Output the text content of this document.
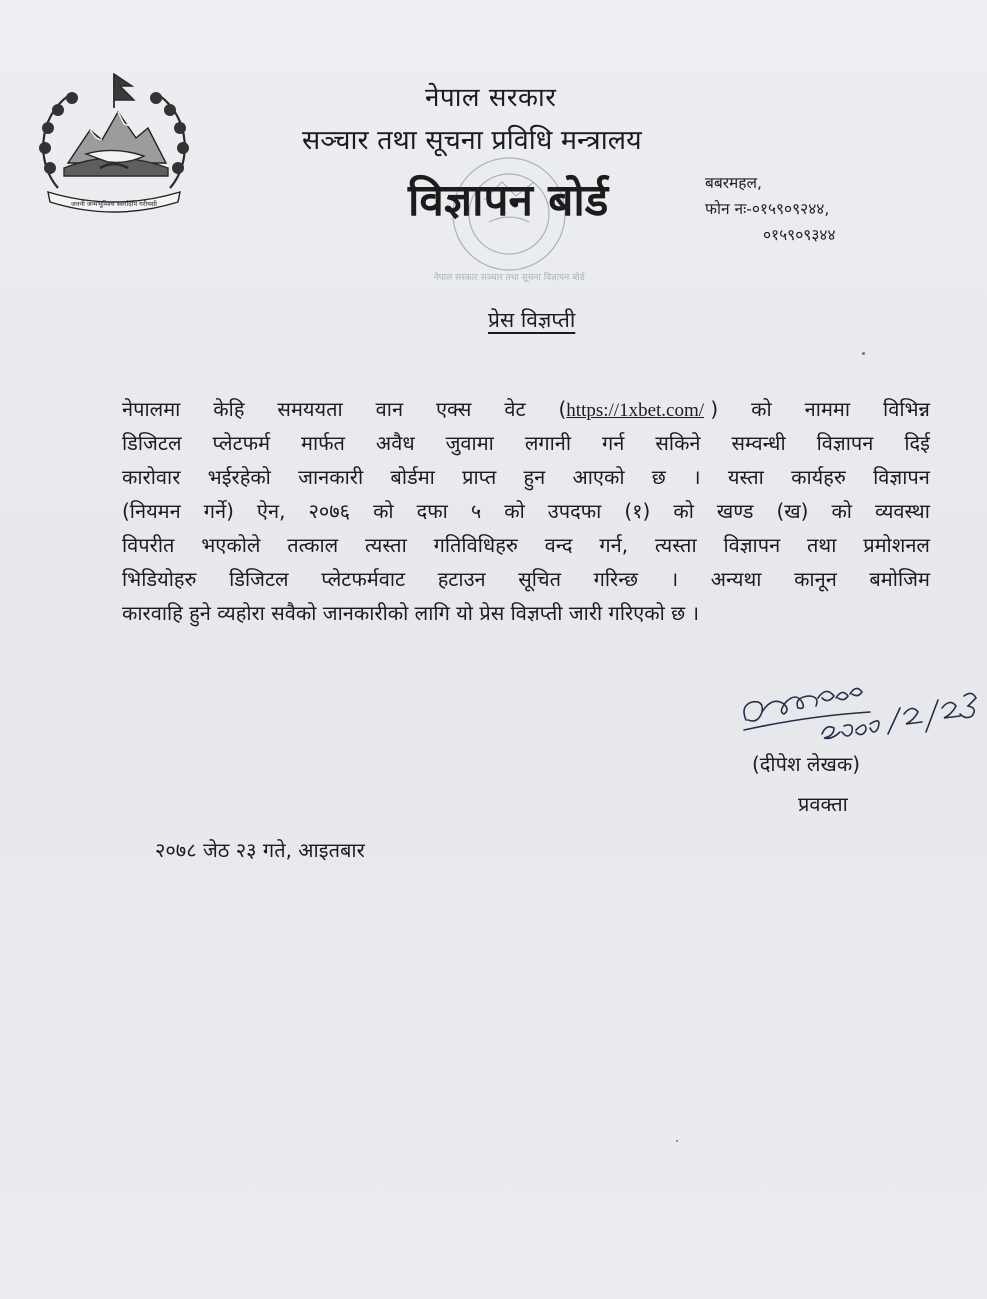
जननी जन्मभूमिश्च स्वर्गादपि गरीयसी
नेपाल सरकार
सञ्चार तथा सूचना प्रविधि मन्त्रालय
नेपाल सरकार सञ्चार तथा सूचना विज्ञापन बोर्ड
विज्ञापन बोर्ड	बबरमहल,
फोन नः-०१५९०९२४४,
०१५९०९३४४
प्रेस विज्ञप्ती
नेपालमा केहि समययता वान एक्स वेट (https://1xbet.com/ ) को नाममा विभिन्न
डिजिटल प्लेटफर्म मार्फत अवैध जुवामा लगानी गर्न सकिने सम्वन्धी विज्ञापन दिई
कारोवार भईरहेको जानकारी बोर्डमा प्राप्त हुन आएको छ । यस्ता कार्यहरु विज्ञापन
(नियमन गर्ने) ऐन, २०७६ को दफा ५ को उपदफा (१) को खण्ड (ख) को व्यवस्था
विपरीत भएकोले तत्काल त्यस्ता गतिविधिहरु वन्द गर्न, त्यस्ता विज्ञापन तथा प्रमोशनल
भिडियोहरु डिजिटल प्लेटफर्मवाट हटाउन सूचित गरिन्छ । अन्यथा कानून बमोजिम
कारवाहि हुने व्यहोरा सवैको जानकारीको लागि यो प्रेस विज्ञप्ती जारी गरिएको छ ।
(दीपेश लेखक)
प्रवक्ता
२०७८ जेठ २३ गते, आइतबार
